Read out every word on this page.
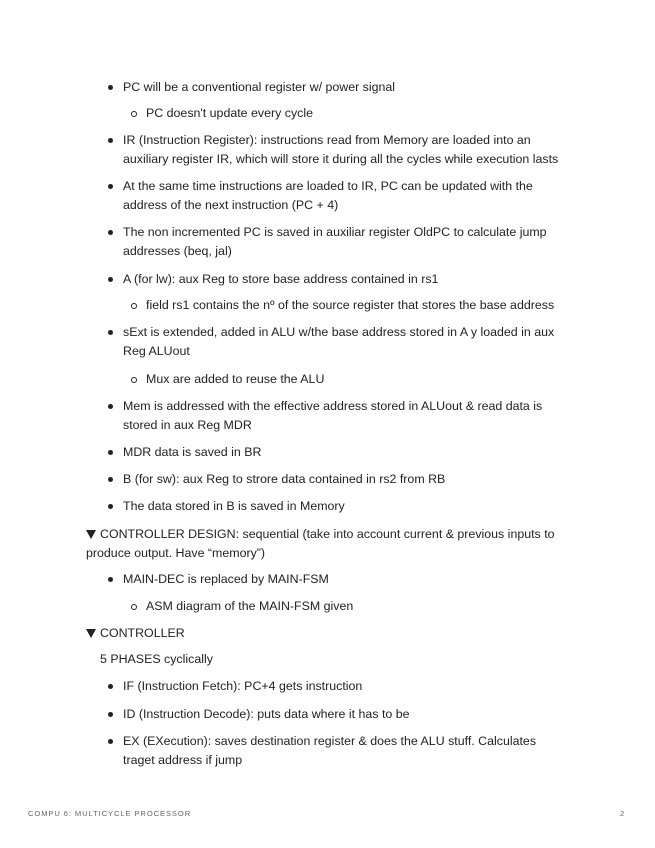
PC will be a conventional register w/ power signal
PC doesn't update every cycle
IR (Instruction Register): instructions read from Memory are loaded into an
auxiliary register IR, which will store it during all the cycles while execution lasts
At the same time instructions are loaded to IR, PC can be updated with the
address of the next instruction (PC + 4)
The non incremented PC is saved in auxiliar register OldPC to calculate jump
addresses (beq, jal)
A (for lw): aux Reg to store base address contained in rs1
field rs1 contains the nº of the source register that stores the base address
sExt is extended, added in ALU w/the base address stored in A y loaded in aux
Reg ALUout
Mux are added to reuse the ALU
Mem is addressed with the effective address stored in ALUout & read data is
stored in aux Reg MDR
MDR data is saved in BR
B (for sw): aux Reg to strore data contained in rs2 from RB
The data stored in B is saved in Memory
CONTROLLER DESIGN: sequential (take into account current & previous inputs to
produce output. Have “memory”)
MAIN-DEC is replaced by MAIN-FSM
ASM diagram of the MAIN-FSM given
CONTROLLER
5 PHASES cyclically
IF (Instruction Fetch): PC+4 gets instruction
ID (Instruction Decode): puts data where it has to be
EX (EXecution): saves destination register & does the ALU stuff. Calculates
traget address if jump
COMPU 6: MULTICYCLE PROCESSOR	2
